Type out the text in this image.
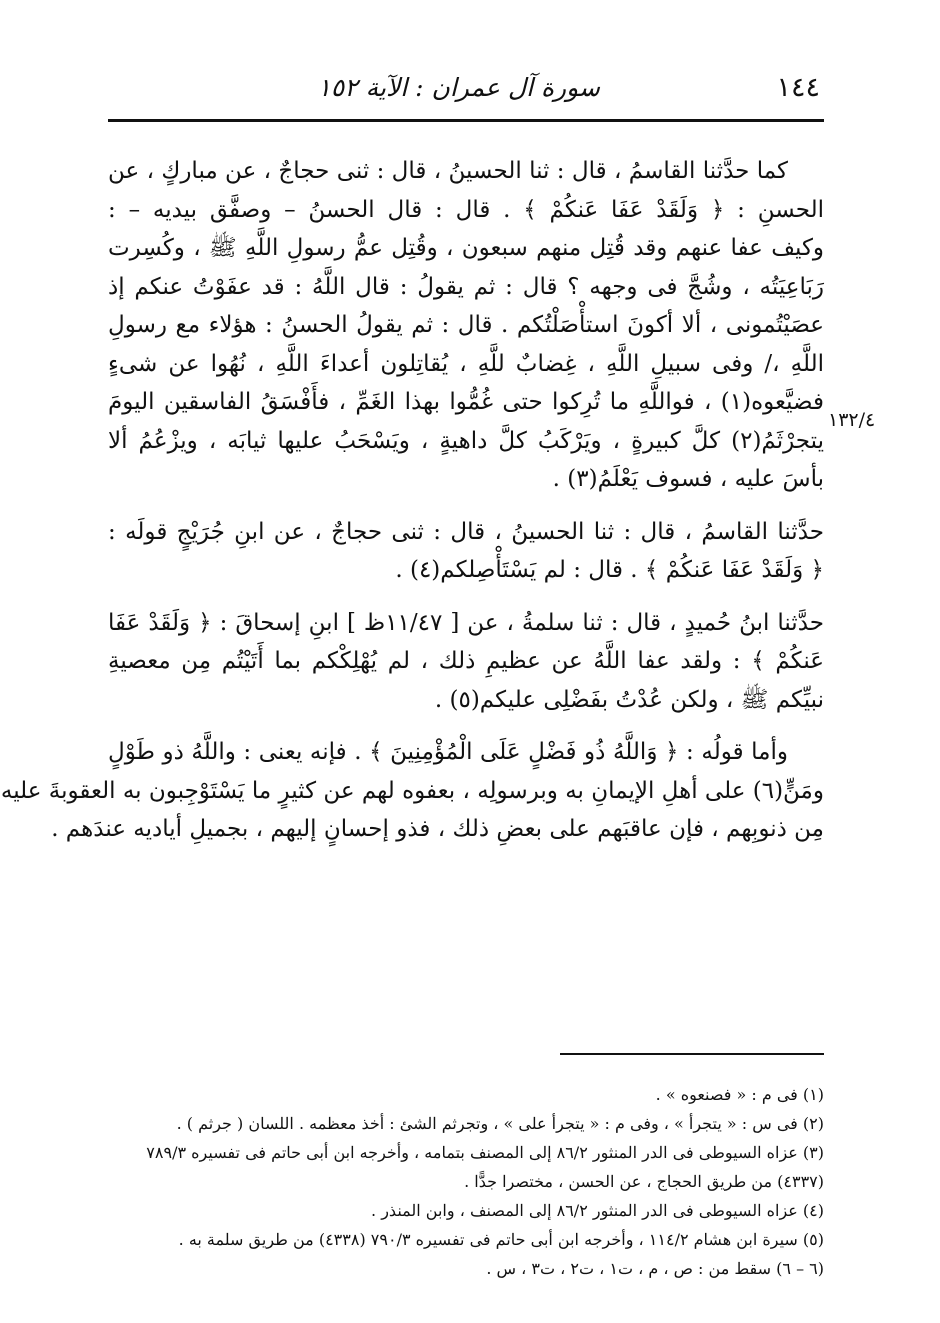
١٤٤
سورة آل عمران : الآية ١٥٢
١٣٢/٤
كما حدَّثنا القاسمُ ، قال : ثنا الحسينُ ، قال : ثنى حجاجٌ ، عن مباركٍ ، عن
الحسنِ : ﴿ وَلَقَدْ عَفَا عَنكُمْ ﴾ . قال : قال الحسنُ – وصفَّق بيديه – :
وكيف عفا عنهم وقد قُتِل منهم سبعون ، وقُتِل عمُّ رسولِ اللَّهِ ﷺ ، وكُسِرت
رَبَاعِيَتُه ، وشُجَّ فى وجهه ؟ قال : ثم يقولُ : قال اللَّهُ : قد عفَوْتُ عنكم إذ
عصَيْتُمونى ، ألا أكونَ استأْصَلْتُكم . قال : ثم يقولُ الحسنُ : هؤلاء مع رسولِ
اللَّهِ ،/ وفى سبيلِ اللَّهِ ، غِضابٌ للَّهِ ، يُقاتِلون أعداءَ اللَّهِ ، نُهُوا عن شىءٍ
فضيَّعوه(١) ، فواللَّهِ ما تُرِكوا حتى غُمُّوا بهذا الغَمِّ ، فأَفْسَقُ الفاسقين اليومَ
يتجرْثَمُ(٢) كلَّ كبيرةٍ ، ويَرْكَبُ كلَّ داهيةٍ ، ويَسْحَبُ عليها ثيابَه ، ويزْعُمُ ألا
بأسَ عليه ، فسوف يَعْلَمُ(٣) .
حدَّثنا القاسمُ ، قال : ثنا الحسينُ ، قال : ثنى حجاجٌ ، عن ابنِ جُرَيْجٍ قولَه :
﴿ وَلَقَدْ عَفَا عَنكُمْ ﴾ . قال : لم يَسْتَأْصِلكم(٤) .
حدَّثنا ابنُ حُميدٍ ، قال : ثنا سلمةُ ، عن [ ١١/٤٧ظ ] ابنِ إسحاقَ : ﴿ وَلَقَدْ عَفَا
عَنكُمْ ﴾ : ولقد عفا اللَّهُ عن عظيمِ ذلك ، لم يُهْلِكْكم بما أَتَيْتُم مِن معصيةِ
نبيِّكم ﷺ ، ولكن عُدْتُ بفَضْلِى عليكم(٥) .
وأما قولُه : ﴿ وَاللَّهُ ذُو فَضْلٍ عَلَى الْمُؤْمِنِينَ ﴾ . فإنه يعنى : واللَّهُ ذو طَوْلٍ
ومَنٍّ(٦) على أهلِ الإيمانِ به وبرسولِه ، بعفوه لهم عن كثيرٍ ما يَسْتَوْجِبون به العقوبةَ عليه
مِن ذنوبِهم ، فإن عاقبَهم على بعضِ ذلك ، فذو إحسانٍ إليهم ، بجميلِ أياديه عندَهم .
(١) فى م : « فصنعوه » .
(٢) فى س : « يتجرأ » ، وفى م : « يتجرأ على » ، وتجرثم الشئ : أخذ معظمه . اللسان ( جرثم ) .
(٣) عزاه السيوطى فى الدر المنثور ٨٦/٢ إلى المصنف بتمامه ، وأخرجه ابن أبى حاتم فى تفسيره ٧٨٩/٣
(٤٣٣٧) من طريق الحجاج ، عن الحسن ، مختصرا جدًّا .
(٤) عزاه السيوطى فى الدر المنثور ٨٦/٢ إلى المصنف ، وابن المنذر .
(٥) سيرة ابن هشام ١١٤/٢ ، وأخرجه ابن أبى حاتم فى تفسيره ٧٩٠/٣ (٤٣٣٨) من طريق سلمة به .
(٦ – ٦) سقط من : ص ، م ، ت١ ، ت٢ ، ت٣ ، س .
